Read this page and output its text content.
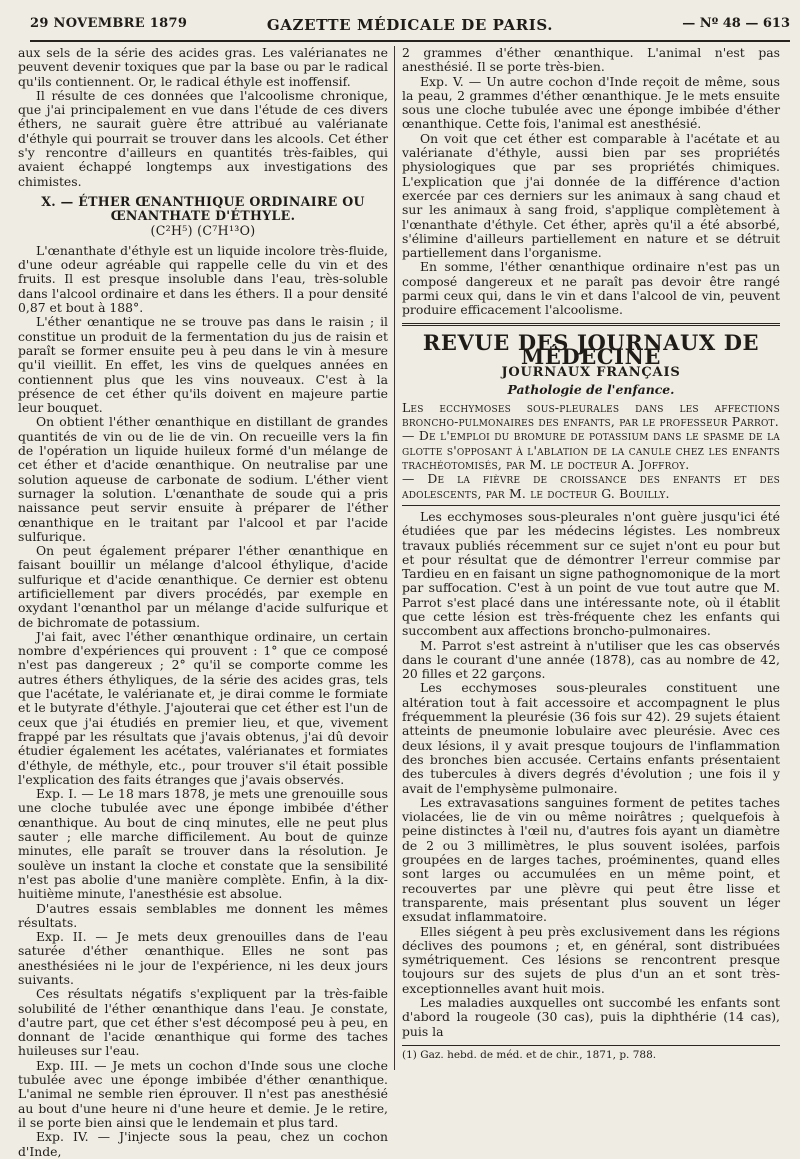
29 NOVEMBRE 1879	GAZETTE MÉDICALE DE PARIS.	— Nº 48 — 613

aux sels de la série des acides gras. Les valérianates ne peuvent devenir toxiques que par la base ou par le radical qu'ils contiennent. Or, le radical éthyle est inoffensif.

Il résulte de ces données que l'alcoolisme chronique, que j'ai principalement en vue dans l'étude de ces divers éthers, ne saurait guère être attribué au valérianate d'éthyle qui pourrait se trouver dans les alcools. Cet éther s'y rencontre d'ailleurs en quantités très-faibles, qui avaient échappé longtemps aux investigations des chimistes.

X. — ÉTHER ŒNANTHIQUE ORDINAIRE OU ŒNANTHATE D'ÉTHYLE.
(C²H⁵) (C⁷H¹³O)

L'œnanthate d'éthyle est un liquide incolore très-fluide, d'une odeur agréable qui rappelle celle du vin et des fruits. Il est presque insoluble dans l'eau, très-soluble dans l'alcool ordinaire et dans les éthers. Il a pour densité 0,87 et bout à 188°.

L'éther œnantique ne se trouve pas dans le raisin ; il constitue un produit de la fermentation du jus de raisin et paraît se former ensuite peu à peu dans le vin à mesure qu'il vieillit. En effet, les vins de quelques années en contiennent plus que les vins nouveaux. C'est à la présence de cet éther qu'ils doivent en majeure partie leur bouquet.

On obtient l'éther œnanthique en distillant de grandes quantités de vin ou de lie de vin. On recueille vers la fin de l'opération un liquide huileux formé d'un mélange de cet éther et d'acide œnanthique. On neutralise par une solution aqueuse de carbonate de sodium. L'éther vient surnager la solution. L'œnanthate de soude qui a pris naissance peut servir ensuite à préparer de l'éther œnanthique en le traitant par l'alcool et par l'acide sulfurique.

On peut également préparer l'éther œnanthique en faisant bouillir un mélange d'alcool éthylique, d'acide sulfurique et d'acide œnanthique. Ce dernier est obtenu artificiellement par divers procédés, par exemple en oxydant l'œnanthol par un mélange d'acide sulfurique et de bichromate de potassium.

J'ai fait, avec l'éther œnanthique ordinaire, un certain nombre d'expériences qui prouvent : 1° que ce composé n'est pas dangereux ; 2° qu'il se comporte comme les autres éthers éthyliques, de la série des acides gras, tels que l'acétate, le valérianate et, je dirai comme le formiate et le butyrate d'éthyle. J'ajouterai que cet éther est l'un de ceux que j'ai étudiés en premier lieu, et que, vivement frappé par les résultats que j'avais obtenus, j'ai dû devoir étudier également les acétates, valérianates et formiates d'éthyle, de méthyle, etc., pour trouver s'il était possible l'explication des faits étranges que j'avais observés.

Exp. I. — Le 18 mars 1878, je mets une grenouille sous une cloche tubulée avec une éponge imbibée d'éther œnanthique. Au bout de cinq minutes, elle ne peut plus sauter ; elle marche difficilement. Au bout de quinze minutes, elle paraît se trouver dans la résolution. Je soulève un instant la cloche et constate que la sensibilité n'est pas abolie d'une manière complète. Enfin, à la dix-huitième minute, l'anesthésie est absolue.

D'autres essais semblables me donnent les mêmes résultats.

Exp. II. — Je mets deux grenouilles dans de l'eau saturée d'éther œnanthique. Elles ne sont pas anesthésiées ni le jour de l'expérience, ni les deux jours suivants.

Ces résultats négatifs s'expliquent par la très-faible solubilité de l'éther œnanthique dans l'eau. Je constate, d'autre part, que cet éther s'est décomposé peu à peu, en donnant de l'acide œnanthique qui forme des taches huileuses sur l'eau.

Exp. III. — Je mets un cochon d'Inde sous une cloche tubulée avec une éponge imbibée d'éther œnanthique. L'animal ne semble rien éprouver. Il n'est pas anesthésié au bout d'une heure ni d'une heure et demie. Je le retire, il se porte bien ainsi que le lendemain et plus tard.

Exp. IV. — J'injecte sous la peau, chez un cochon d'Inde,

2 grammes d'éther œnanthique. L'animal n'est pas anesthésié. Il se porte très-bien.

Exp. V. — Un autre cochon d'Inde reçoit de même, sous la peau, 2 grammes d'éther œnanthique. Je le mets ensuite sous une cloche tubulée avec une éponge imbibée d'éther œnanthique. Cette fois, l'animal est anesthésié.

On voit que cet éther est comparable à l'acétate et au valérianate d'éthyle, aussi bien par ses propriétés physiologiques que par ses propriétés chimiques. L'explication que j'ai donnée de la différence d'action exercée par ces derniers sur les animaux à sang chaud et sur les animaux à sang froid, s'applique complètement à l'œnanthate d'éthyle. Cet éther, après qu'il a été absorbé, s'élimine d'ailleurs partiellement en nature et se détruit partiellement dans l'organisme.

En somme, l'éther œnanthique ordinaire n'est pas un composé dangereux et ne paraît pas devoir être rangé parmi ceux qui, dans le vin et dans l'alcool de vin, peuvent produire efficacement l'alcoolisme.

REVUE DES JOURNAUX DE MÉDECINE
JOURNAUX FRANÇAIS
Pathologie de l'enfance.

Les ecchymoses sous-pleurales dans les affections broncho-pulmonaires des enfants, par le professeur Parrot.

— De l'emploi du bromure de potassium dans le spasme de la glotte s'opposant à l'ablation de la canule chez les enfants trachéotomisés, par M. le docteur A. Joffroy.

— De la fièvre de croissance des enfants et des adolescents, par M. le docteur G. Bouilly.

Les ecchymoses sous-pleurales n'ont guère jusqu'ici été étudiées que par les médecins légistes. Les nombreux travaux publiés récemment sur ce sujet n'ont eu pour but et pour résultat que de démontrer l'erreur commise par Tardieu en en faisant un signe pathognomonique de la mort par suffocation. C'est à un point de vue tout autre que M. Parrot s'est placé dans une intéressante note, où il établit que cette lésion est très-fréquente chez les enfants qui succombent aux affections broncho-pulmonaires.

M. Parrot s'est astreint à n'utiliser que les cas observés dans le courant d'une année (1878), cas au nombre de 42, 20 filles et 22 garçons.

Les ecchymoses sous-pleurales constituent une altération tout à fait accessoire et accompagnent le plus fréquemment la pleurésie (36 fois sur 42). 29 sujets étaient atteints de pneumonie lobulaire avec pleurésie. Avec ces deux lésions, il y avait presque toujours de l'inflammation des bronches bien accusée. Certains enfants présentaient des tubercules à divers degrés d'évolution ; une fois il y avait de l'emphysème pulmonaire.

Les extravasations sanguines forment de petites taches violacées, lie de vin ou même noirâtres ; quelquefois à peine distinctes à l'œil nu, d'autres fois ayant un diamètre de 2 ou 3 millimètres, le plus souvent isolées, parfois groupées en de larges taches, proéminentes, quand elles sont larges ou accumulées en un même point, et recouvertes par une plèvre qui peut être lisse et transparente, mais présentant plus souvent un léger exsudat inflammatoire.

Elles siégent à peu près exclusivement dans les régions déclives des poumons ; et, en général, sont distribuées symétriquement. Ces lésions se rencontrent presque toujours sur des sujets de plus d'un an et sont très-exceptionnelles avant huit mois.

Les maladies auxquelles ont succombé les enfants sont d'abord la rougeole (30 cas), puis la diphthérie (14 cas), puis la

(1) Gaz. hebd. de méd. et de chir., 1871, p. 788.
